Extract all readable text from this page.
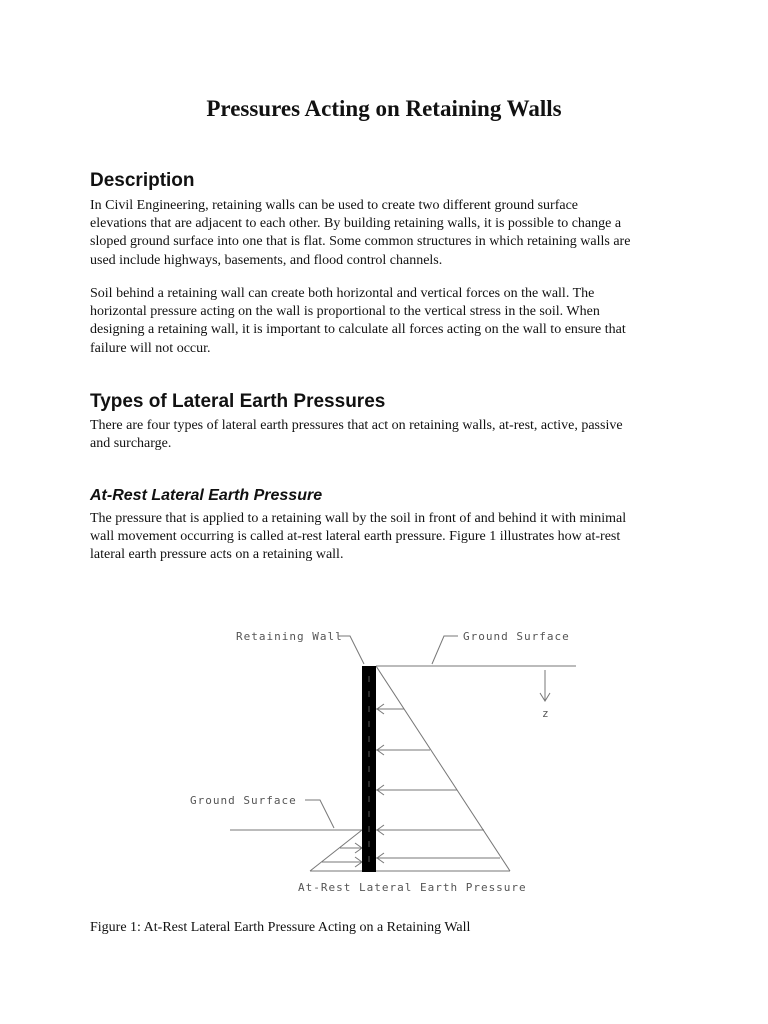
Pressures Acting on Retaining Walls
Description

In Civil Engineering, retaining walls can be used to create two different ground surface
elevations that are adjacent to each other. By building retaining walls, it is possible to change a
sloped ground surface into one that is flat. Some common structures in which retaining walls are
used include highways, basements, and flood control channels.

Soil behind a retaining wall can create both horizontal and vertical forces on the wall. The
horizontal pressure acting on the wall is proportional to the vertical stress in the soil. When
designing a retaining wall, it is important to calculate all forces acting on the wall to ensure that
failure will not occur.

Types of Lateral Earth Pressures

There are four types of lateral earth pressures that act on retaining walls, at-rest, active, passive
and surcharge.

At-Rest Lateral Earth Pressure

The pressure that is applied to a retaining wall by the soil in front of and behind it with minimal
wall movement occurring is called at-rest lateral earth pressure. Figure 1 illustrates how at-rest
lateral earth pressure acts on a retaining wall.

z
Retaining Wall	Ground Surface
Ground Surface
At-Rest Lateral Earth Pressure

Figure 1: At-Rest Lateral Earth Pressure Acting on a Retaining Wall
